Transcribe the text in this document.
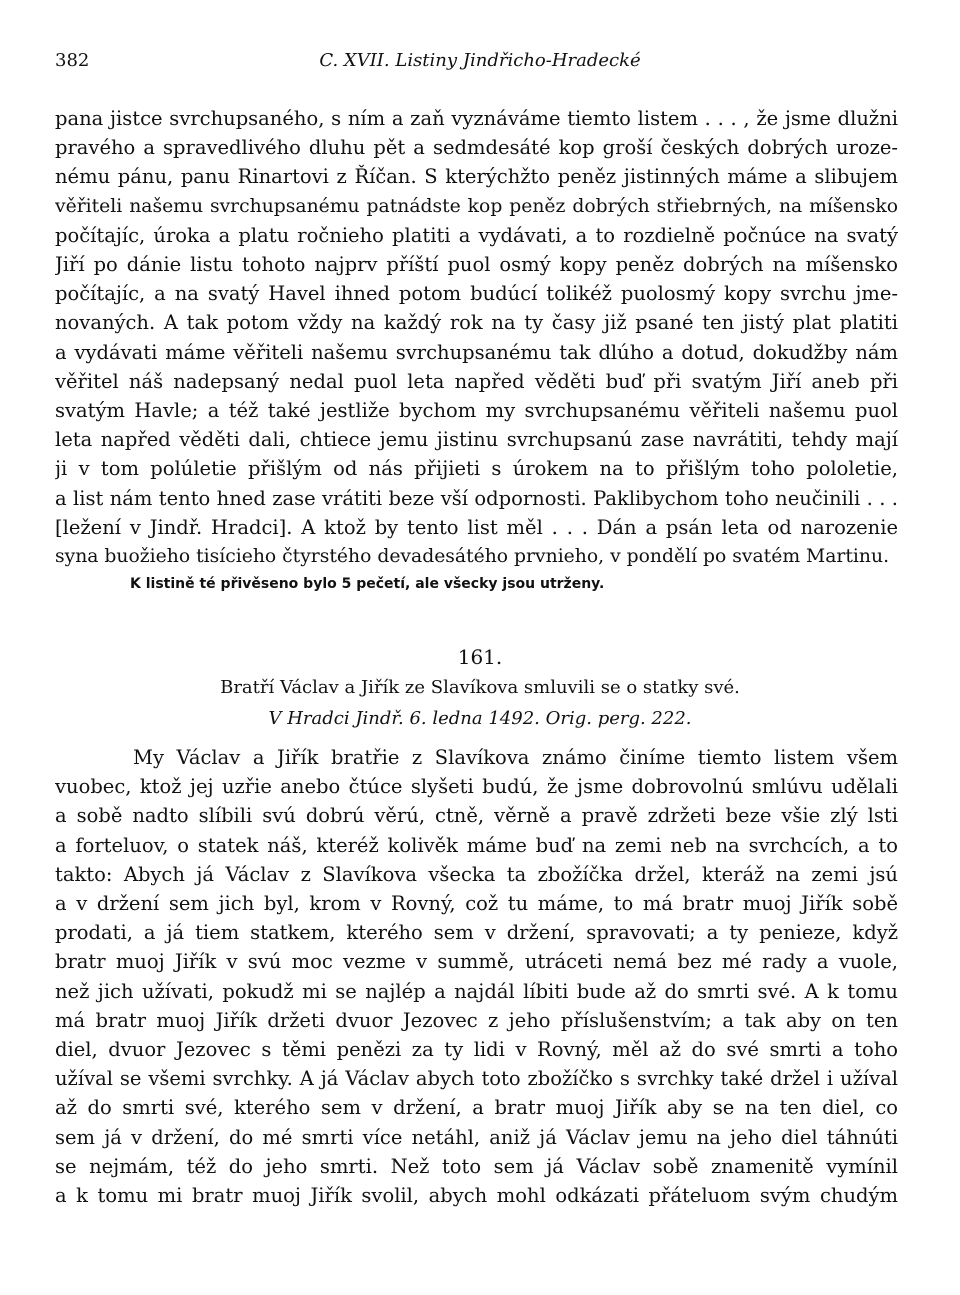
382	C. XVII. Listiny Jindřicho-Hradecké
pana jistce svrchupsaného, s ním a zaň vyznáváme tiemto listem . . . , že jsme dlužni
pravého a spravedlivého dluhu pět a sedmdesáté kop groší českých dobrých uroze-
nému pánu, panu Rinartovi z Říčan. S kterýchžto peněz jistinných máme a slibujem
věřiteli našemu svrchupsanému patnádste kop peněz dobrých střiebrných, na míšensko
počítajíc, úroka a platu ročnieho platiti a vydávati, a to rozdielně počnúce na svatý
Jiří po dánie listu tohoto najprv příští puol osmý kopy peněz dobrých na míšensko
počítajíc, a na svatý Havel ihned potom budúcí tolikéž puolosmý kopy svrchu jme-
novaných. A tak potom vždy na každý rok na ty časy již psané ten jistý plat platiti
a vydávati máme věřiteli našemu svrchupsanému tak dlúho a dotud, dokudžby nám
věřitel náš nadepsaný nedal puol leta napřed věděti buď při svatým Jiří aneb při
svatým Havle; a též také jestliže bychom my svrchupsanému věřiteli našemu puol
leta napřed věděti dali, chtiece jemu jistinu svrchupsanú zase navrátiti, tehdy mají
ji v tom polúletie přišlým od nás přijieti s úrokem na to přišlým toho pololetie,
a list nám tento hned zase vrátiti beze vší odpornosti. Paklibychom toho neučinili . . .
[ležení v Jindř. Hradci]. A ktož by tento list měl . . . Dán a psán leta od narozenie
syna buožieho tisícieho čtyrstého devadesátého prvnieho, v pondělí po svatém Martinu.
K listině té přivěseno bylo 5 pečetí, ale všecky jsou utrženy.
161.
Bratří Václav a Jiřík ze Slavíkova smluvili se o statky své.
V Hradci Jindř. 6. ledna 1492. Orig. perg. 222.
My Václav a Jiřík bratřie z Slavíkova známo činíme tiemto listem všem
vuobec, ktož jej uzřie anebo čtúce slyšeti budú, že jsme dobrovolnú smlúvu udělali
a sobě nadto slíbili svú dobrú věrú, ctně, věrně a pravě zdržeti beze všie zlý lsti
a forteluov, o statek náš, kteréž kolivěk máme buď na zemi neb na svrchcích, a to
takto: Abych já Václav z Slavíkova všecka ta zbožíčka držel, kteráž na zemi jsú
a v držení sem jich byl, krom v Rovný, což tu máme, to má bratr muoj Jiřík sobě
prodati, a já tiem statkem, kterého sem v držení, spravovati; a ty penieze, když
bratr muoj Jiřík v svú moc vezme v summě, utráceti nemá bez mé rady a vuole,
než jich užívati, pokudž mi se najlép a najdál líbiti bude až do smrti své. A k tomu
má bratr muoj Jiřík držeti dvuor Jezovec z jeho příslušenstvím; a tak aby on ten
diel, dvuor Jezovec s těmi penězi za ty lidi v Rovný, měl až do své smrti a toho
užíval se všemi svrchky. A já Václav abych toto zbožíčko s svrchky také držel i užíval
až do smrti své, kterého sem v držení, a bratr muoj Jiřík aby se na ten diel, co
sem já v držení, do mé smrti více netáhl, aniž já Václav jemu na jeho diel táhnúti
se nejmám, též do jeho smrti. Než toto sem já Václav sobě znamenitě vymínil
a k tomu mi bratr muoj Jiřík svolil, abych mohl odkázati přáteluom svým chudým
